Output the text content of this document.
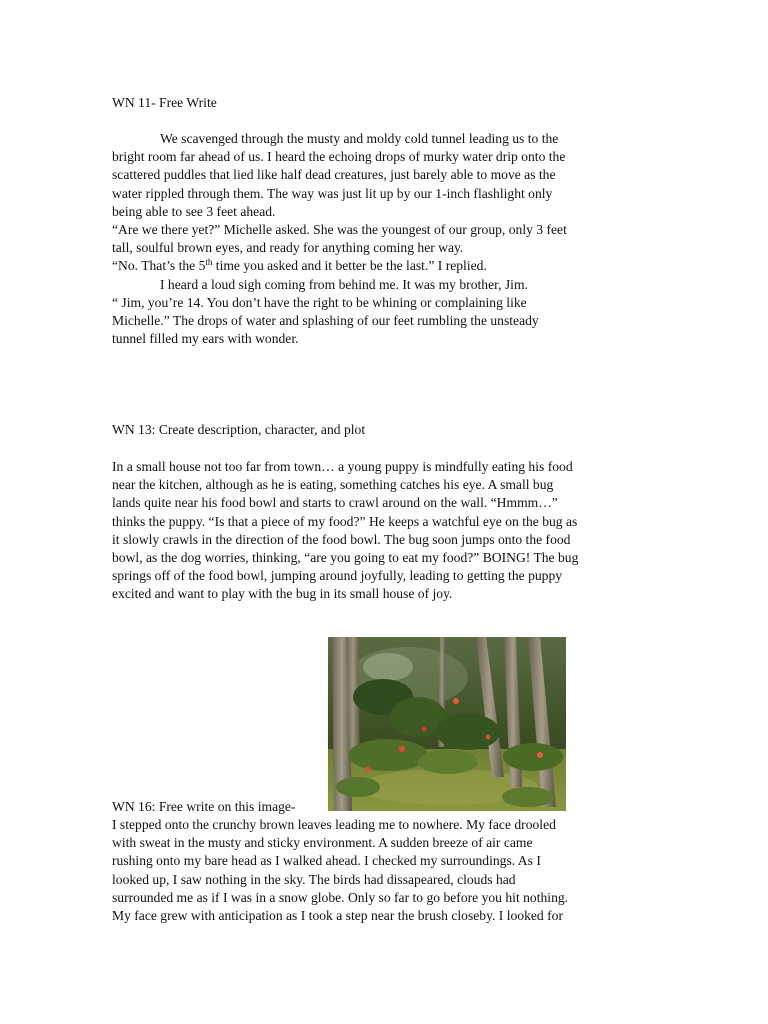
WN 11- Free Write

We scavenged through the musty and moldy cold tunnel leading us to the
bright room far ahead of us. I heard the echoing drops of murky water drip onto the
scattered puddles that lied like half dead creatures, just barely able to move as the
water rippled through them. The way was just lit up by our 1-inch flashlight only
being able to see 3 feet ahead.
“Are we there yet?” Michelle asked. She was the youngest of our group, only 3 feet
tall, soulful brown eyes, and ready for anything coming her way.
“No. That’s the 5th time you asked and it better be the last.” I replied.
I heard a loud sigh coming from behind me. It was my brother, Jim.
“ Jim, you’re 14. You don’t have the right to be whining or complaining like
Michelle.” The drops of water and splashing of our feet rumbling the unsteady
tunnel filled my ears with wonder.

WN 13: Create description, character, and plot

In a small house not too far from town… a young puppy is mindfully eating his food
near the kitchen, although as he is eating, something catches his eye. A small bug
lands quite near his food bowl and starts to crawl around on the wall. “Hmmm…”
thinks the puppy. “Is that a piece of my food?” He keeps a watchful eye on the bug as
it slowly crawls in the direction of the food bowl. The bug soon jumps onto the food
bowl, as the dog worries, thinking, “are you going to eat my food?” BOING! The bug
springs off of the food bowl, jumping around joyfully, leading to getting the puppy
excited and want to play with the bug in its small house of joy.

WN 16: Free write on this image-

I stepped onto the crunchy brown leaves leading me to nowhere. My face drooled
with sweat in the musty and sticky environment. A sudden breeze of air came
rushing onto my bare head as I walked ahead. I checked my surroundings. As I
looked up, I saw nothing in the sky. The birds had dissapeared, clouds had
surrounded me as if I was in a snow globe. Only so far to go before you hit nothing.
My face grew with anticipation as I took a step near the brush closeby. I looked for
